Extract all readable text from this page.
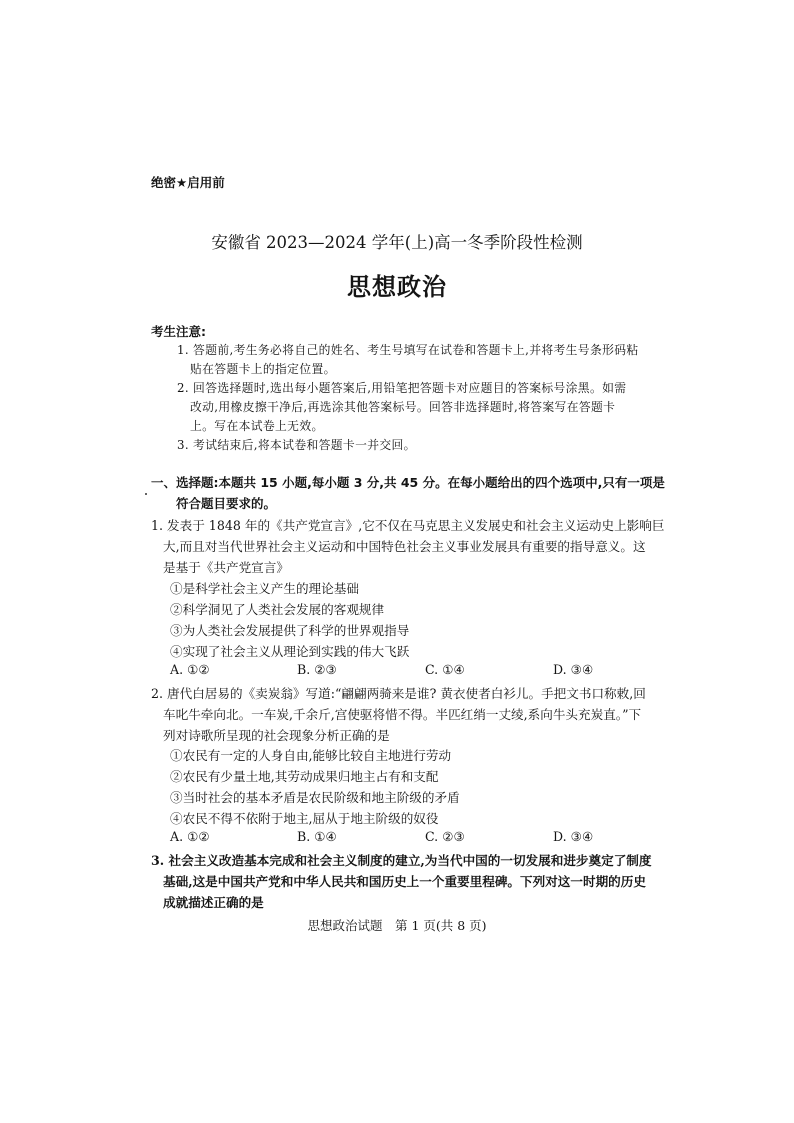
绝密★启用前
安徽省 2023—2024 学年(上)高一冬季阶段性检测
思想政治
考生注意:
1. 答题前,考生务必将自己的姓名、考生号填写在试卷和答题卡上,并将考生号条形码粘
贴在答题卡上的指定位置。
2. 回答选择题时,选出每小题答案后,用铅笔把答题卡对应题目的答案标号涂黑。如需
改动,用橡皮擦干净后,再选涂其他答案标号。回答非选择题时,将答案写在答题卡
上。写在本试卷上无效。
3. 考试结束后,将本试卷和答题卡一并交回。
一、选择题:本题共 15 小题,每小题 3 分,共 45 分。在每小题给出的四个选项中,只有一项是
符合题目要求的。
1. 发表于 1848 年的《共产党宣言》,它不仅在马克思主义发展史和社会主义运动史上影响巨
大,而且对当代世界社会主义运动和中国特色社会主义事业发展具有重要的指导意义。这
是基于《共产党宣言》
①是科学社会主义产生的理论基础
②科学洞见了人类社会发展的客观规律
③为人类社会发展提供了科学的世界观指导
④实现了社会主义从理论到实践的伟大飞跃
A. ①②	B. ②③	C. ①④	D. ③④
2. 唐代白居易的《卖炭翁》写道:“翩翩两骑来是谁? 黄衣使者白衫儿。手把文书口称敕,回
车叱牛牵向北。一车炭,千余斤,宫使驱将惜不得。半匹红绡一丈绫,系向牛头充炭直。”下
列对诗歌所呈现的社会现象分析正确的是
①农民有一定的人身自由,能够比较自主地进行劳动
②农民有少量土地,其劳动成果归地主占有和支配
③当时社会的基本矛盾是农民阶级和地主阶级的矛盾
④农民不得不依附于地主,屈从于地主阶级的奴役
A. ①②	B. ①④	C. ②③	D. ③④
3. 社会主义改造基本完成和社会主义制度的建立,为当代中国的一切发展和进步奠定了制度
基础,这是中国共产党和中华人民共和国历史上一个重要里程碑。下列对这一时期的历史
成就描述正确的是
思想政治试题　第 1 页(共 8 页)
